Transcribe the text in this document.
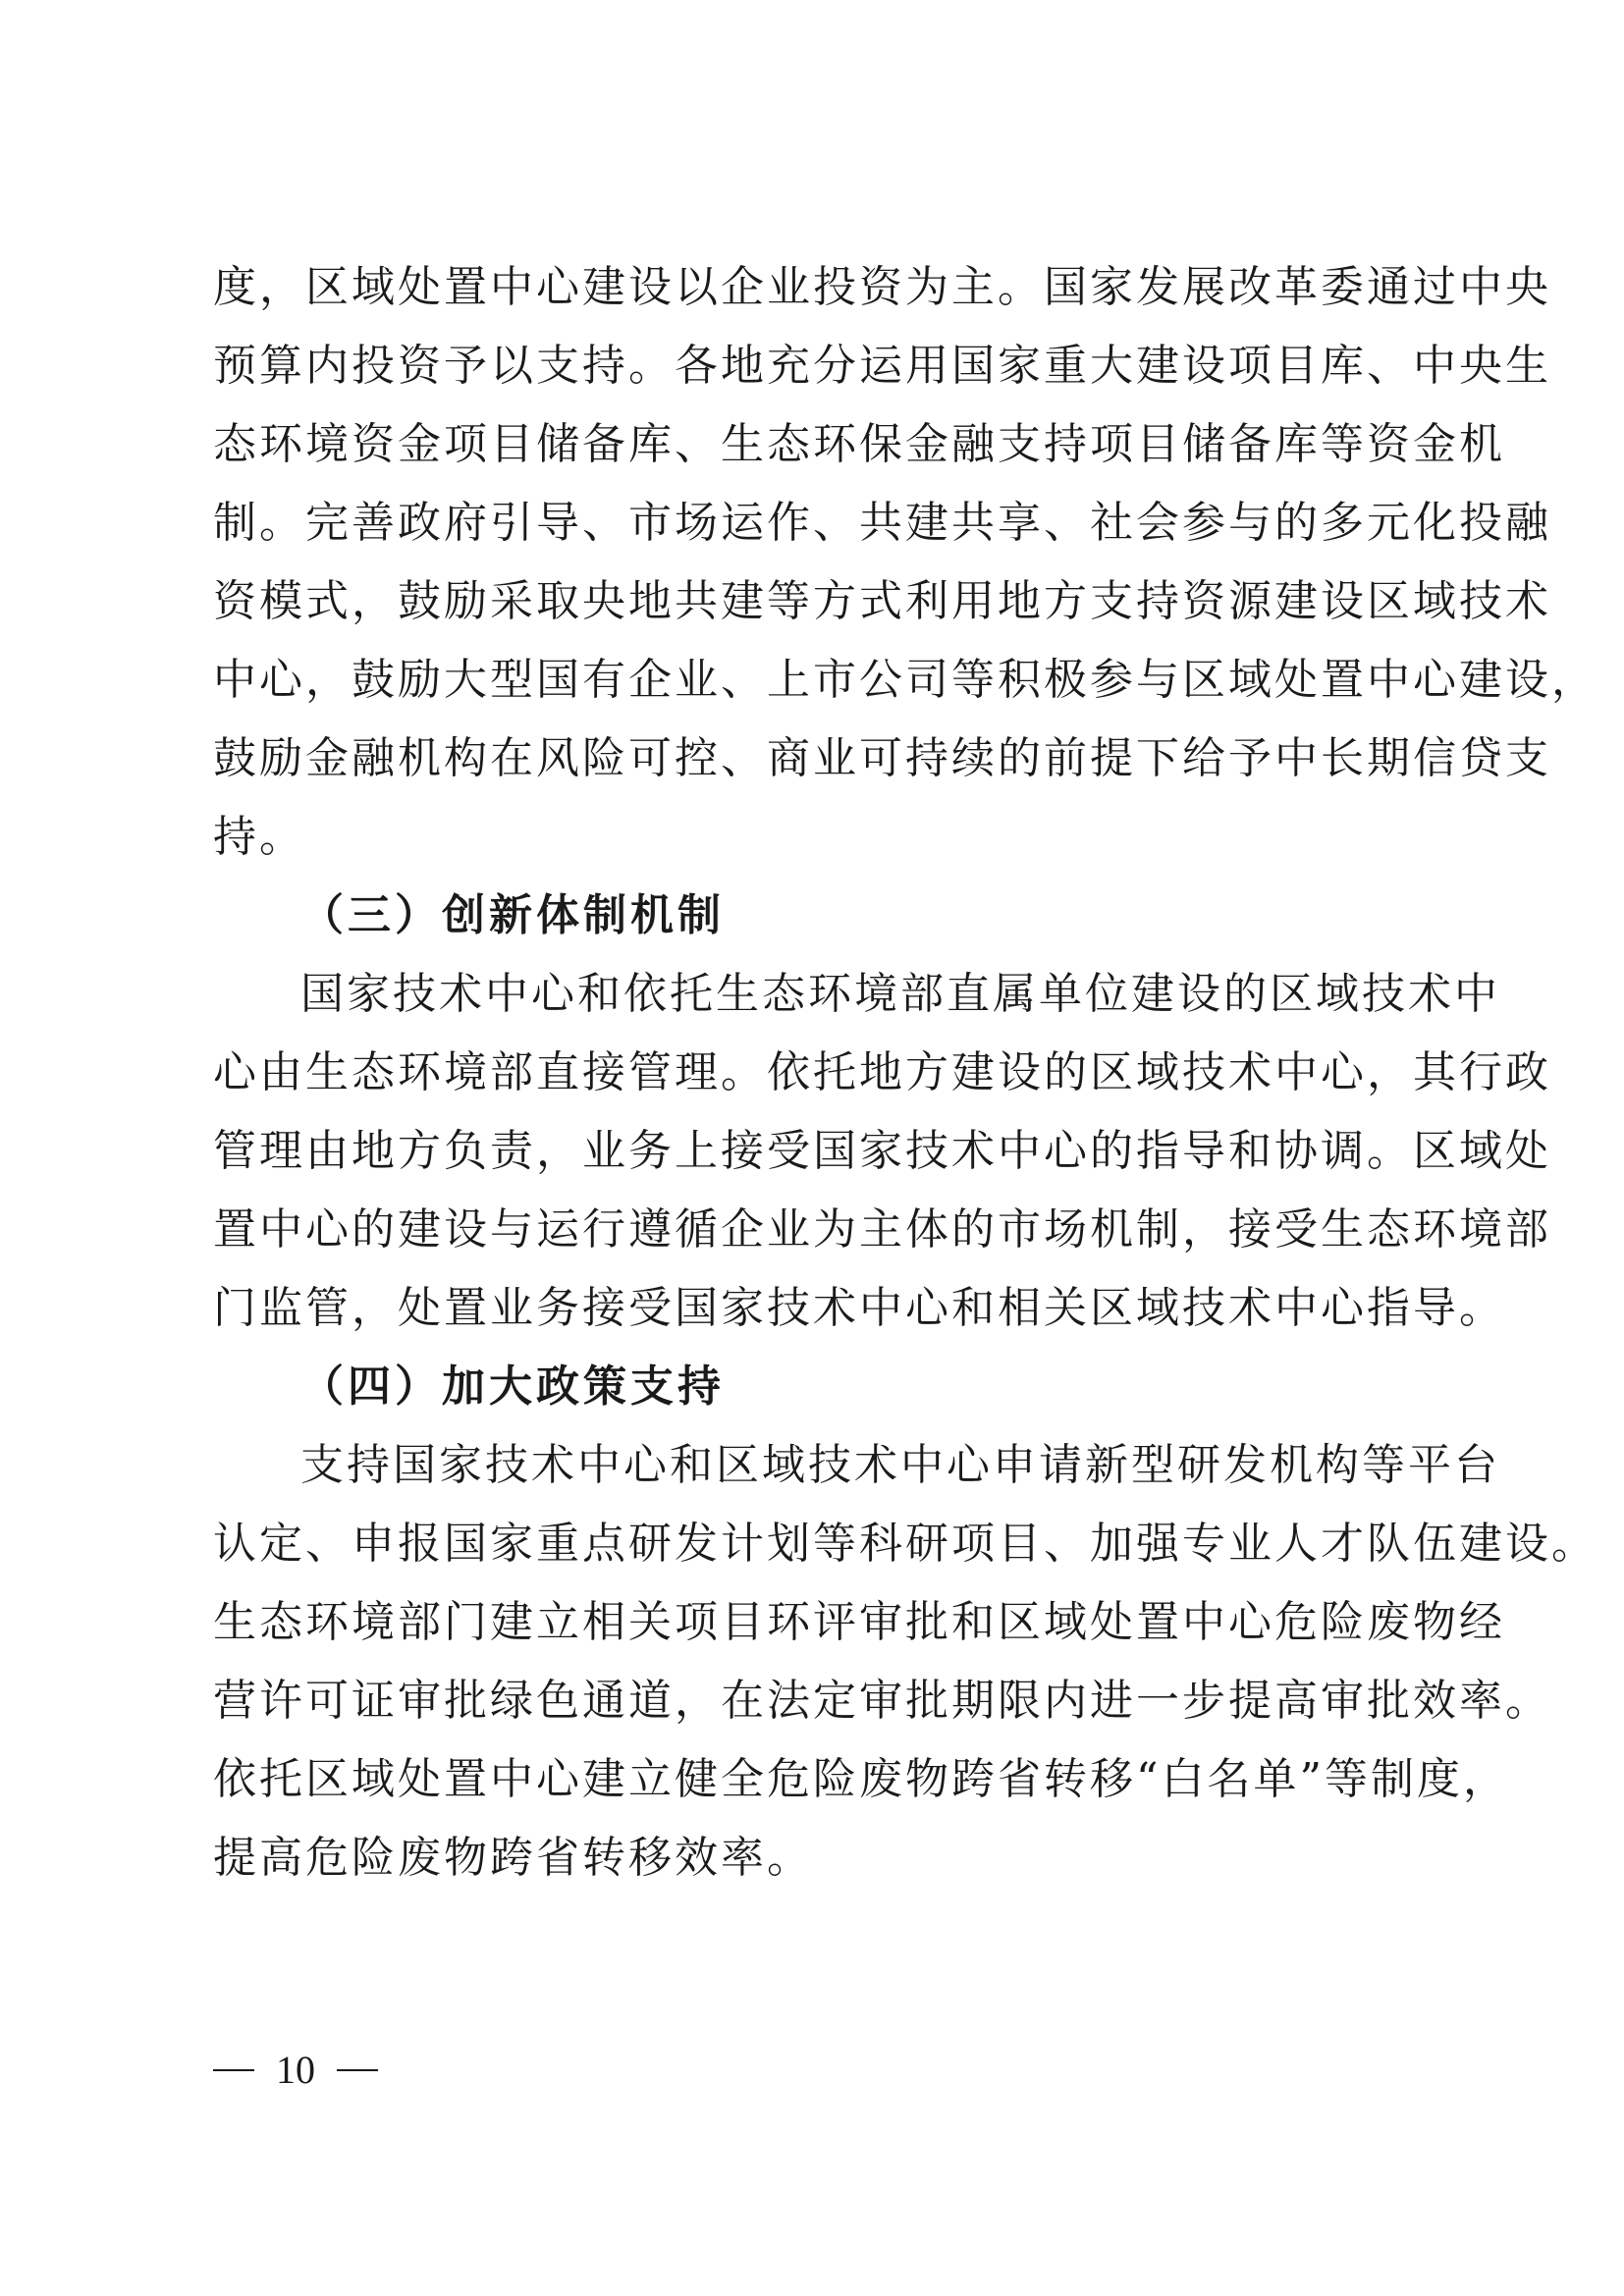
度，区域处置中心建设以企业投资为主。国家发展改革委通过中央
预算内投资予以支持。各地充分运用国家重大建设项目库、中央生
态环境资金项目储备库、生态环保金融支持项目储备库等资金机
制。完善政府引导、市场运作、共建共享、社会参与的多元化投融
资模式，鼓励采取央地共建等方式利用地方支持资源建设区域技术
中心，鼓励大型国有企业、上市公司等积极参与区域处置中心建设，
鼓励金融机构在风险可控、商业可持续的前提下给予中长期信贷支
持。
（三）创新体制机制
国家技术中心和依托生态环境部直属单位建设的区域技术中
心由生态环境部直接管理。依托地方建设的区域技术中心，其行政
管理由地方负责，业务上接受国家技术中心的指导和协调。区域处
置中心的建设与运行遵循企业为主体的市场机制，接受生态环境部
门监管，处置业务接受国家技术中心和相关区域技术中心指导。
（四）加大政策支持
支持国家技术中心和区域技术中心申请新型研发机构等平台
认定、申报国家重点研发计划等科研项目、加强专业人才队伍建设。
生态环境部门建立相关项目环评审批和区域处置中心危险废物经
营许可证审批绿色通道，在法定审批期限内进一步提高审批效率。
依托区域处置中心建立健全危险废物跨省转移“白名单”等制度，
提高危险废物跨省转移效率。
10
